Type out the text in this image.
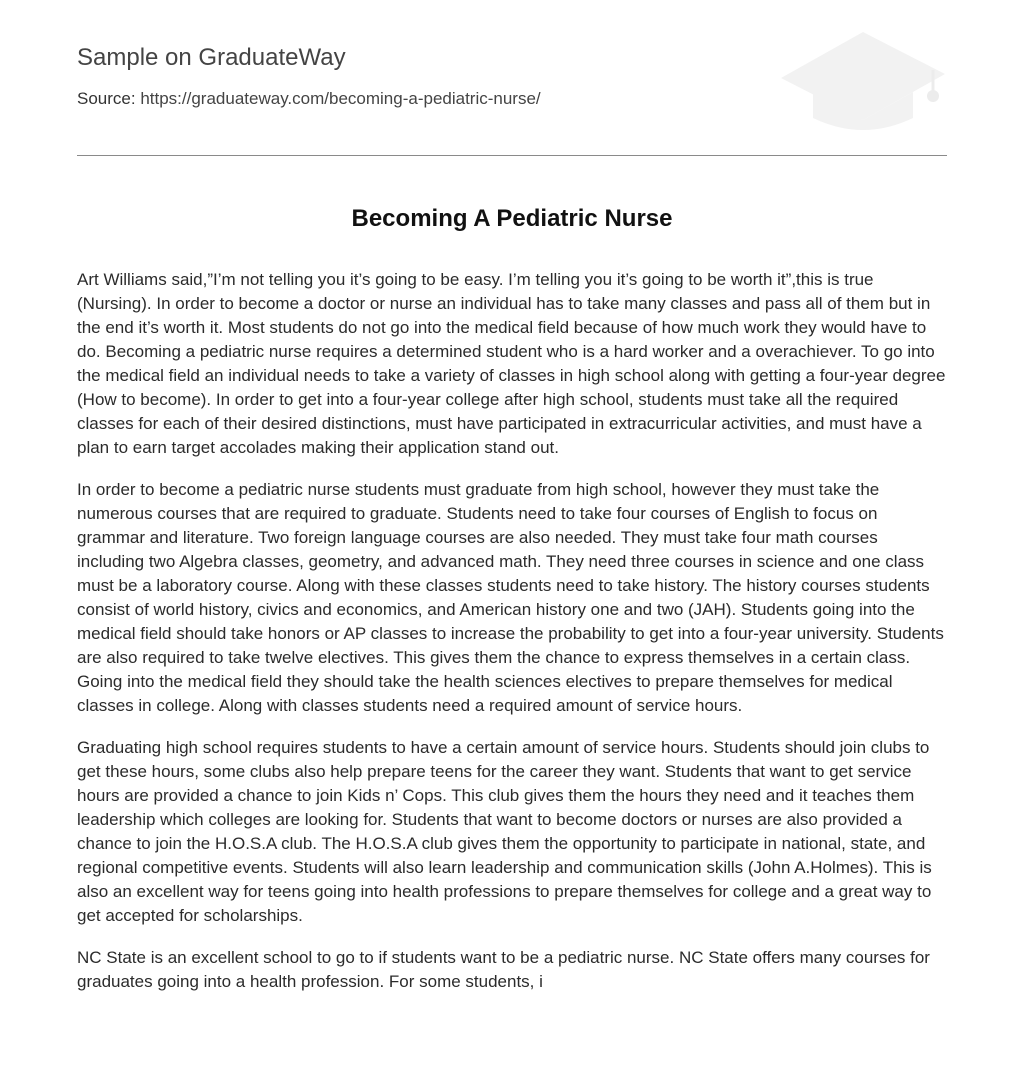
Sample on GraduateWay
Source: https://graduateway.com/becoming-a-pediatric-nurse/
Becoming A Pediatric Nurse

Art Williams said,”I’m not telling you it’s going to be easy. I’m telling you it’s going to be worth it”,this is true (Nursing). In order to become a doctor or nurse an individual has to take many classes and pass all of them but in the end it’s worth it. Most students do not go into the medical field because of how much work they would have to do. Becoming a pediatric nurse requires a determined student who is a hard worker and a overachiever. To go into the medical field an individual needs to take a variety of classes in high school along with getting a four-year degree (How to become). In order to get into a four-year college after high school, students must take all the required classes for each of their desired distinctions, must have participated in extracurricular activities, and must have a plan to earn target accolades making their application stand out.

In order to become a pediatric nurse students must graduate from high school, however they must take the numerous courses that are required to graduate. Students need to take four courses of English to focus on grammar and literature. Two foreign language courses are also needed. They must take four math courses including two Algebra classes, geometry, and advanced math. They need three courses in science and one class must be a laboratory course. Along with these classes students need to take history. The history courses students consist of world history, civics and economics, and American history one and two (JAH). Students going into the medical field should take honors or AP classes to increase the probability to get into a four-year university. Students are also required to take twelve electives. This gives them the chance to express themselves in a certain class. Going into the medical field they should take the health sciences electives to prepare themselves for medical classes in college. Along with classes students need a required amount of service hours.

Graduating high school requires students to have a certain amount of service hours. Students should join clubs to get these hours, some clubs also help prepare teens for the career they want. Students that want to get service hours are provided a chance to join Kids n’ Cops. This club gives them the hours they need and it teaches them leadership which colleges are looking for. Students that want to become doctors or nurses are also provided a chance to join the H.O.S.A club. The H.O.S.A club gives them the opportunity to participate in national, state, and regional competitive events. Students will also learn leadership and communication skills (John A.Holmes). This is also an excellent way for teens going into health professions to prepare themselves for college and a great way to get accepted for scholarships.

NC State is an excellent school to go to if students want to be a pediatric nurse. NC State offers many courses for graduates going into a health profession. For some students, i
